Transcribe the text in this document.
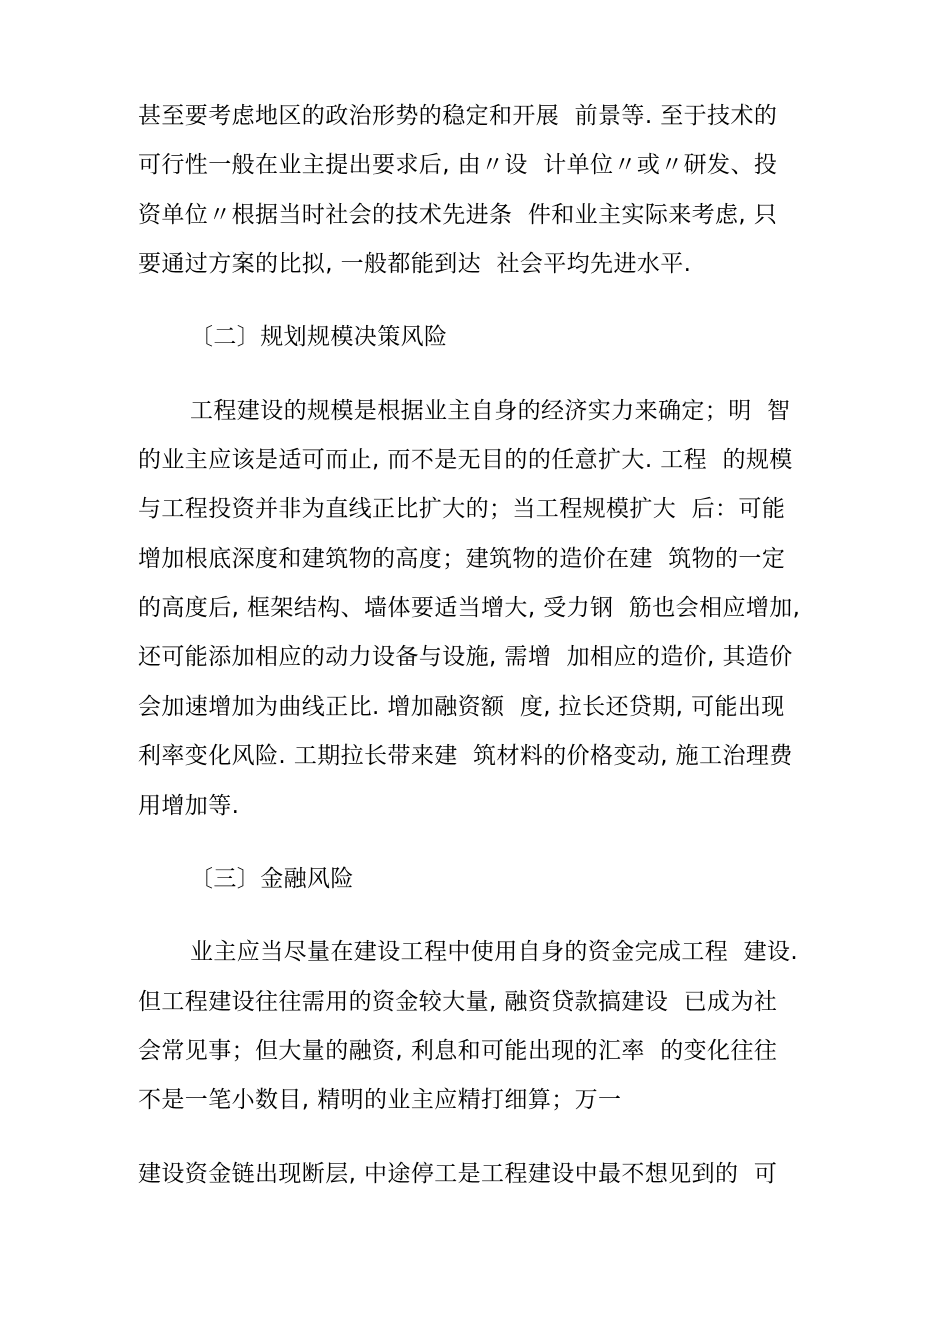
甚至要考虑地区的政治形势的稳定和开展  前景等. 至于技术的
可行性一般在业主提出要求后, 由〃设  计单位〃或〃研发、投
资单位〃根据当时社会的技术先进条  件和业主实际来考虑, 只
要通过方案的比拟, 一般都能到达  社会平均先进水平.
〔二〕规划规模决策风险
工程建设的规模是根据业主自身的经济实力来确定；明  智
的业主应该是适可而止, 而不是无目的的任意扩大. 工程  的规模
与工程投资并非为直线正比扩大的；当工程规模扩大  后：可能
增加根底深度和建筑物的高度；建筑物的造价在建  筑物的一定
的高度后, 框架结构、墙体要适当增大, 受力钢  筋也会相应增加,
还可能添加相应的动力设备与设施, 需增  加相应的造价, 其造价
会加速增加为曲线正比. 增加融资额  度, 拉长还贷期, 可能出现
利率变化风险. 工期拉长带来建  筑材料的价格变动, 施工治理费
用增加等.
〔三〕金融风险
业主应当尽量在建设工程中使用自身的资金完成工程  建设.
但工程建设往往需用的资金较大量, 融资贷款搞建设  已成为社
会常见事；但大量的融资, 利息和可能出现的汇率  的变化往往
不是一笔小数目, 精明的业主应精打细算；万一
建设资金链出现断层, 中途停工是工程建设中最不想见到的  可
